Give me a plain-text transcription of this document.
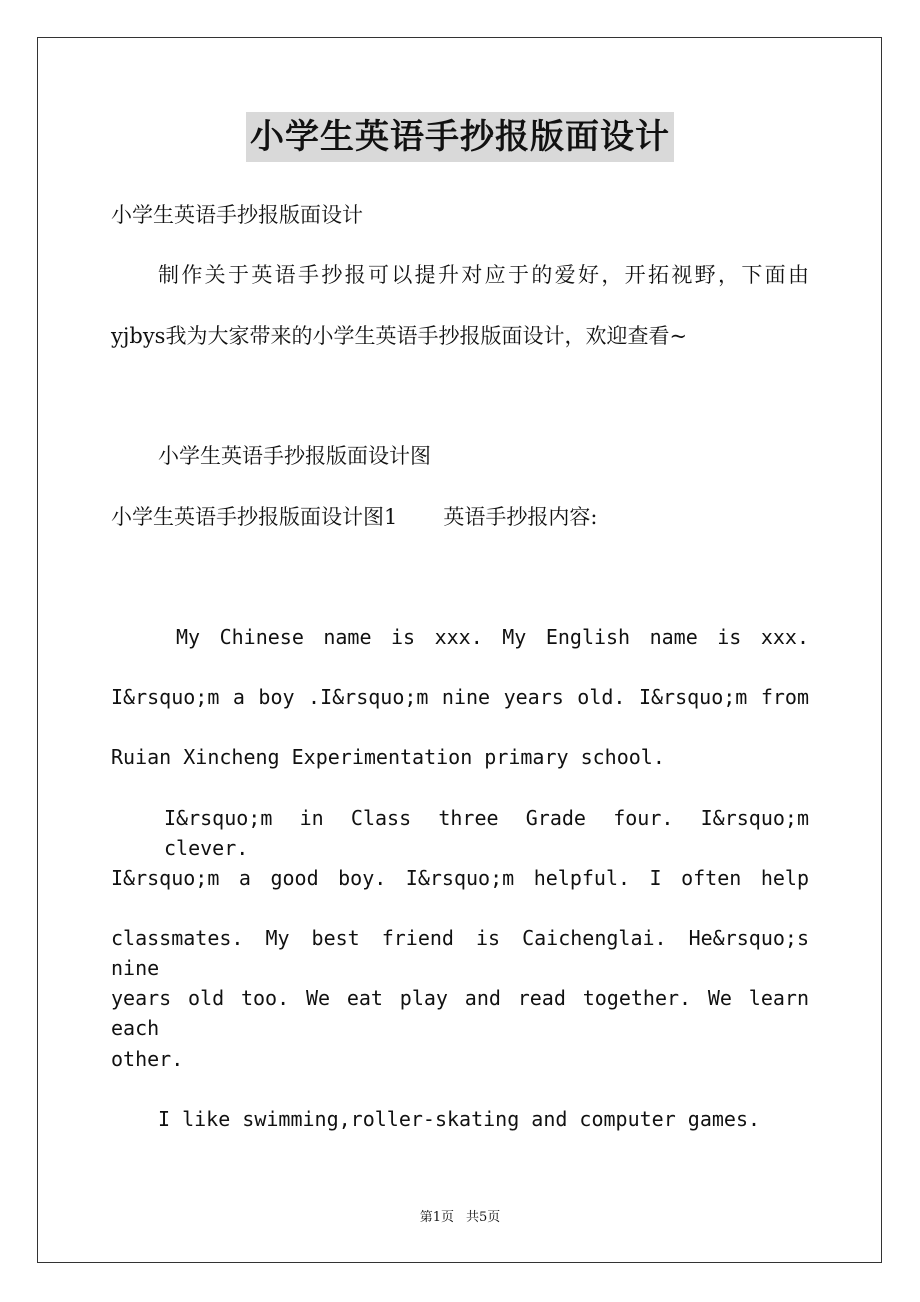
小学生英语手抄报版面设计
小学生英语手抄报版面设计
制作关于英语手抄报可以提升对应于的爱好，开拓视野，下面由
yjbys我为大家带来的小学生英语手抄报版面设计，欢迎查看~
小学生英语手抄报版面设计图
小学生英语手抄报版面设计图1 英语手抄报内容:
My Chinese name is xxx. My English name is xxx.
I&rsquo;m a boy .I&rsquo;m nine years old. I&rsquo;m from
Ruian Xincheng Experimentation primary school.
I&rsquo;m in Class three Grade four. I&rsquo;m clever.
I&rsquo;m a good boy. I&rsquo;m helpful. I often help
classmates. My best friend is Caichenglai. He&rsquo;s nine
years old too. We eat play and read together. We learn each
other.
I like swimming,roller-skating and computer games.
第1页 共5页
